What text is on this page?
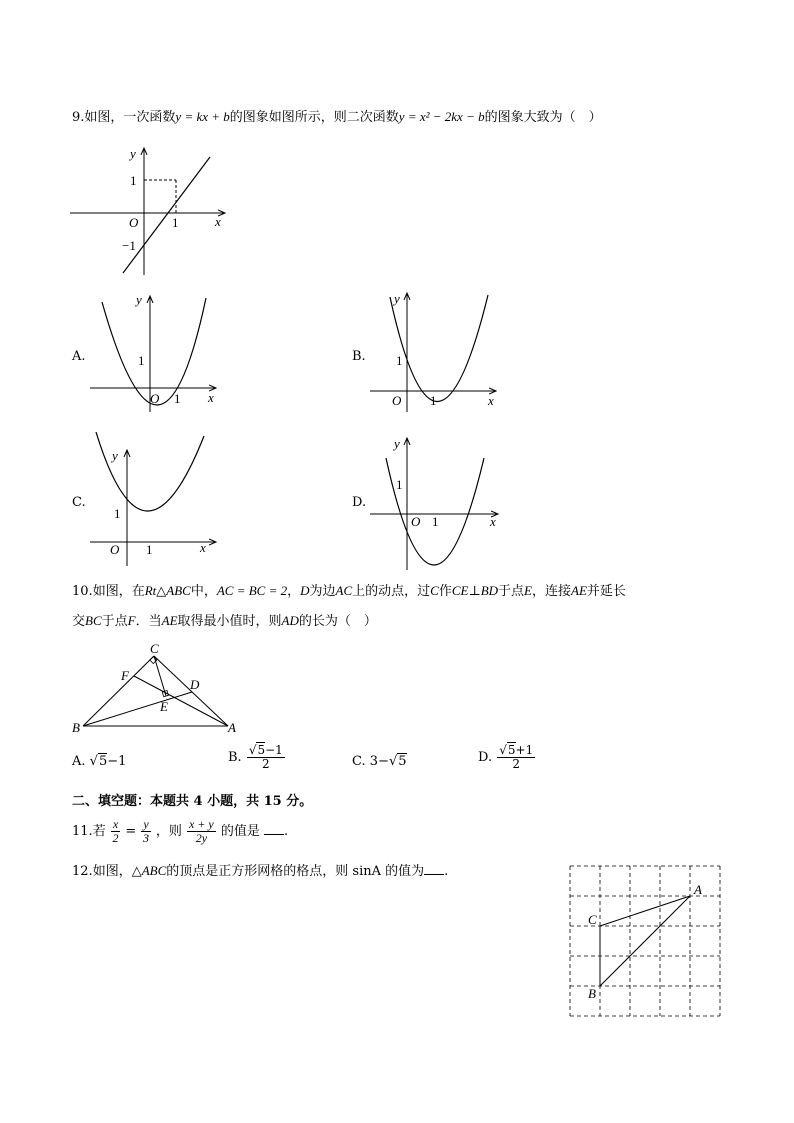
9.如图，一次函数y = kx + b的图象如图所示，则二次函数y = x² − 2kx − b的图象大致为（　）
y
x
O
1
1
−1
A.
y
x
O
1
1
B.
y
x
O
1
1
C.
y
x
O
1
1
D.
y
x
O
1
1
10.如图，在Rt△ABC中，AC = BC = 2，D为边AC上的动点，过C作CE⊥BD于点E，连接AE并延长
交BC于点F．当AE取得最小值时，则AD的长为（　）
C
F
D
E
B	A
A. √5−1	B. $\frac{√5-1}{2}$	C. 3−√5	D. $\frac{√5+1}{2}$
二、填空题：本题共 4 小题，共 15 分。
11.若 $\frac{x}{2} = \frac{y}{3}$ ，则 $\frac{x + y}{2y}$ 的值是 .
12.如图，△ABC的顶点是正方形网格的格点，则 sinA 的值为 .
A
C
B
